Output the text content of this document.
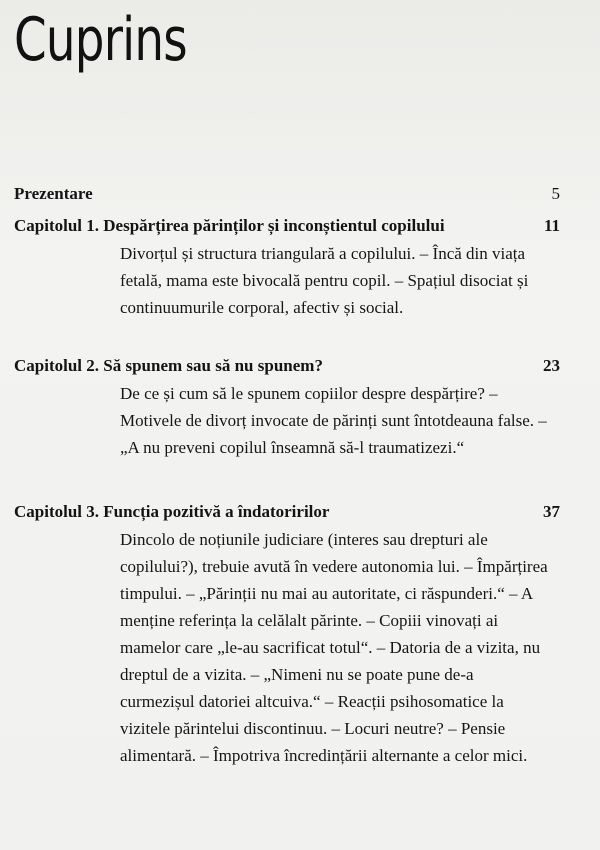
Cuprins
Prezentare	5
Capitolul 1. Despărțirea părinților și inconștientul copilului	11

Divorțul și structura triangulară a copilului. – Încă din viața fetală, mama este bivocală pentru copil. – Spațiul disociat și continuumurile corporal, afectiv și social.

Capitolul 2. Să spunem sau să nu spunem?	23

De ce și cum să le spunem copiilor despre despărțire? – Motivele de divorț invocate de părinți sunt întotdeauna false. – „A nu preveni copilul înseamnă să-l traumatizezi.“

Capitolul 3. Funcția pozitivă a îndatoririlor	37

Dincolo de noțiunile judiciare (interes sau drepturi ale copilului?), trebuie avută în vedere autonomia lui. – Împărțirea timpului. – „Părinții nu mai au autoritate, ci răspunderi.“ – A menține referința la celălalt părinte. – Copiii vinovați ai mamelor care „le-au sacrificat totul“. – Datoria de a vizita, nu dreptul de a vizita. – „Nimeni nu se poate pune de-a curmezișul datoriei altcuiva.“ – Reacții psihosomatice la vizitele părintelui discontinuu. – Locuri neutre? – Pensie alimentară. – Împotriva încredințării alternante a celor mici.
